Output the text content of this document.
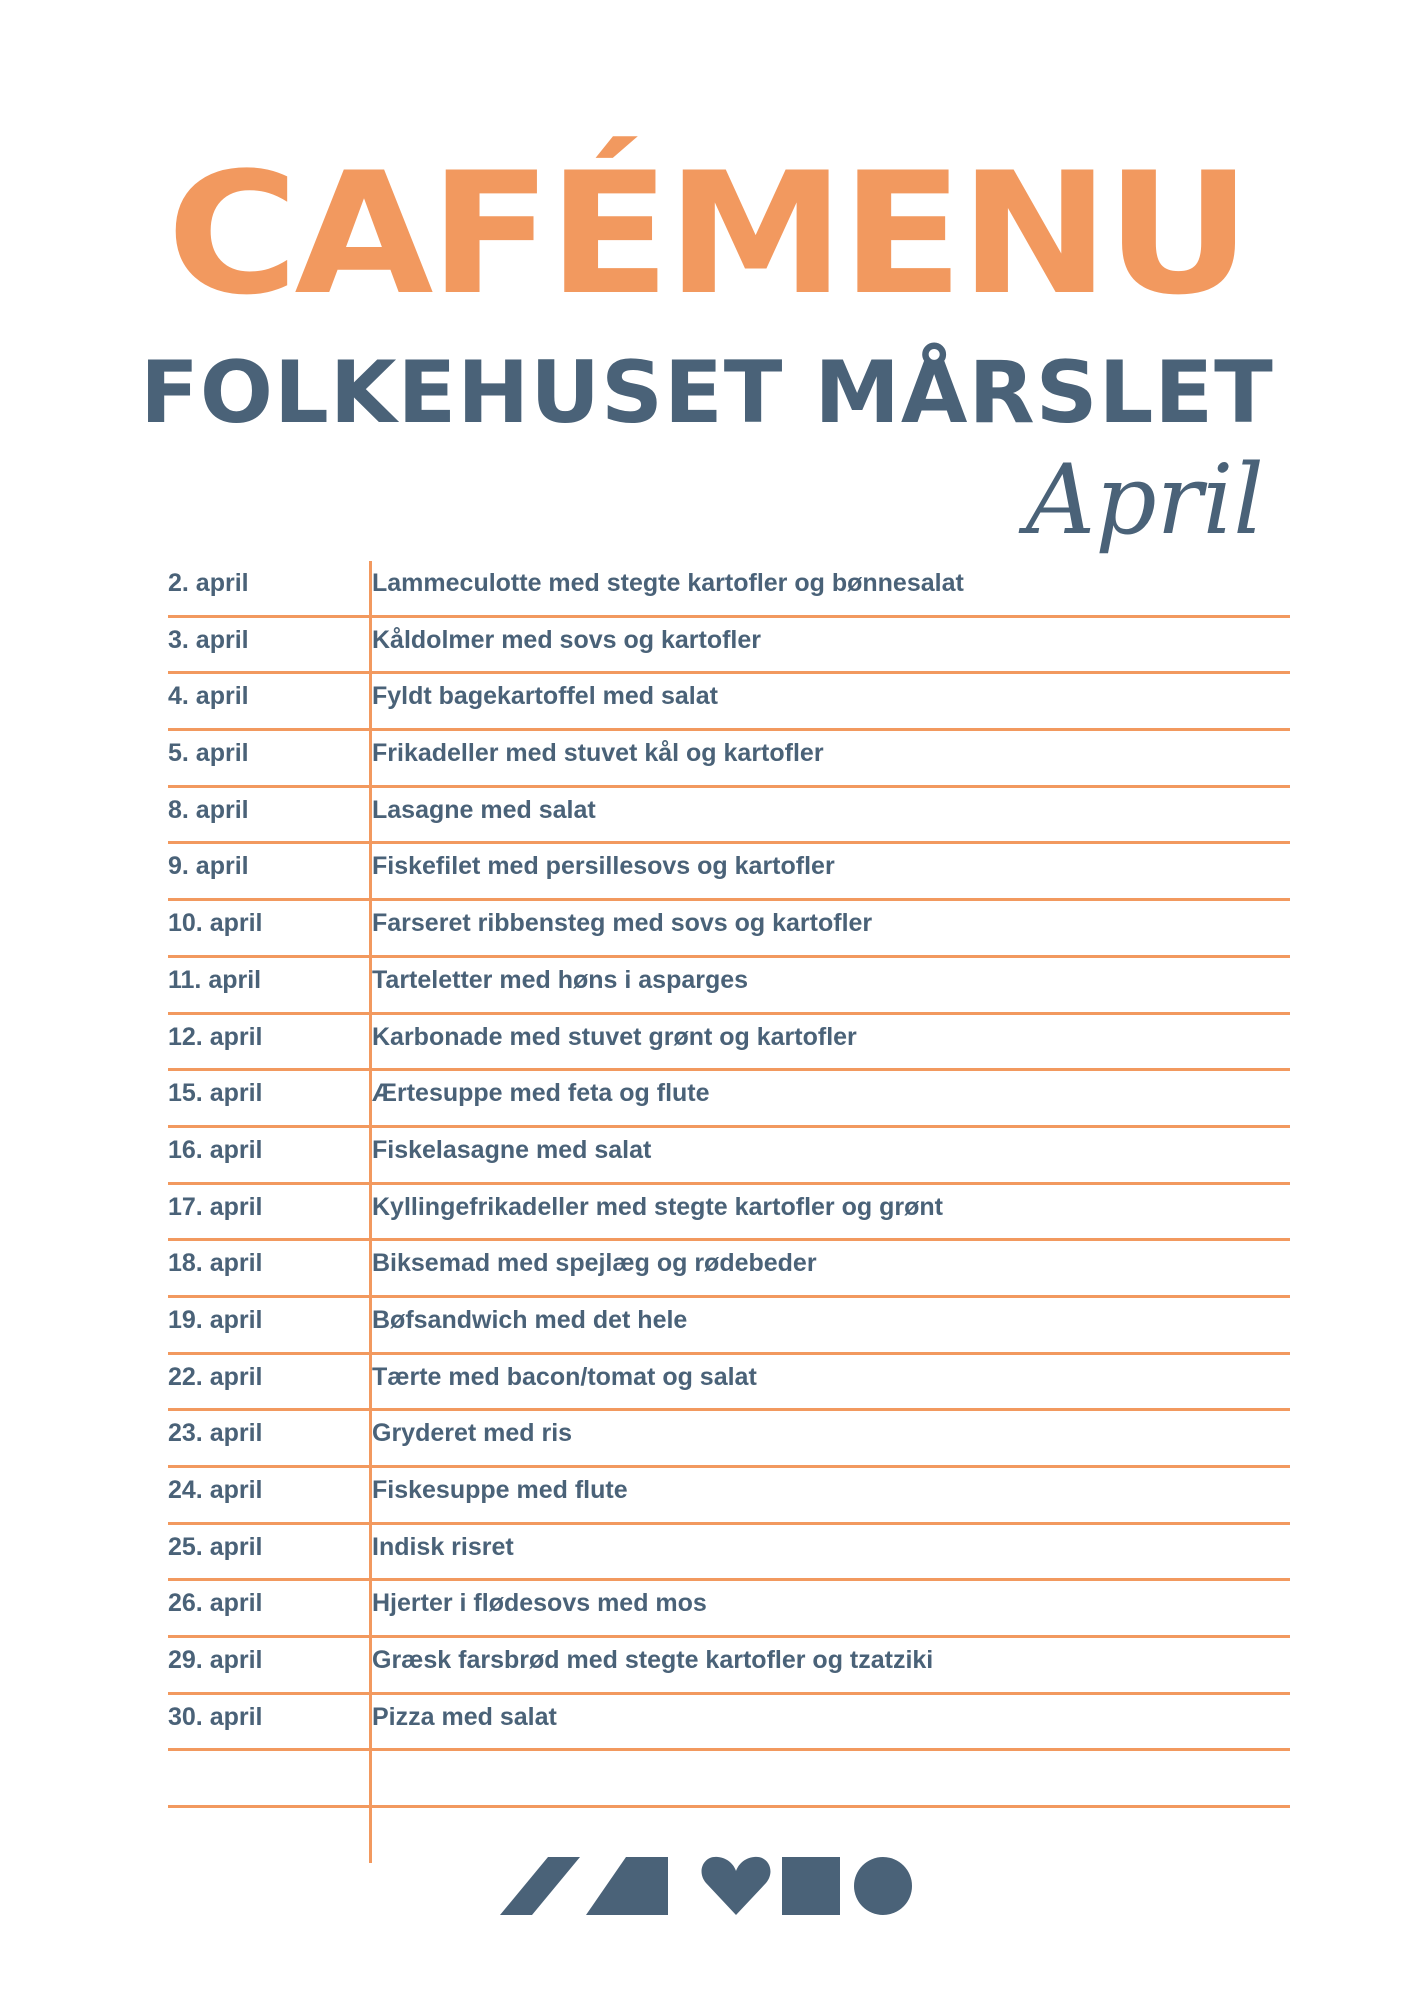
CAFÉMENU
FOLKEHUSET MÅRSLET
April
2. april	Lammeculotte med stegte kartofler og bønnesalat
3. april	Kåldolmer med sovs og kartofler
4. april	Fyldt bagekartoffel med salat
5. april	Frikadeller med stuvet kål og kartofler
8. april	Lasagne med salat
9. april	Fiskefilet med persillesovs og kartofler
10. april	Farseret ribbensteg med sovs og kartofler
11. april	Tarteletter med høns i asparges
12. april	Karbonade med stuvet grønt og kartofler
15. april	Ærtesuppe med feta og flute
16. april	Fiskelasagne med salat
17. april	Kyllingefrikadeller med stegte kartofler og grønt
18. april	Biksemad med spejlæg og rødebeder
19. april	Bøfsandwich med det hele
22. april	Tærte med bacon/tomat og salat
23. april	Gryderet med ris
24. april	Fiskesuppe med flute
25. april	Indisk risret
26. april	Hjerter i flødesovs med mos
29. april	Græsk farsbrød med stegte kartofler og tzatziki
30. april	Pizza med salat
